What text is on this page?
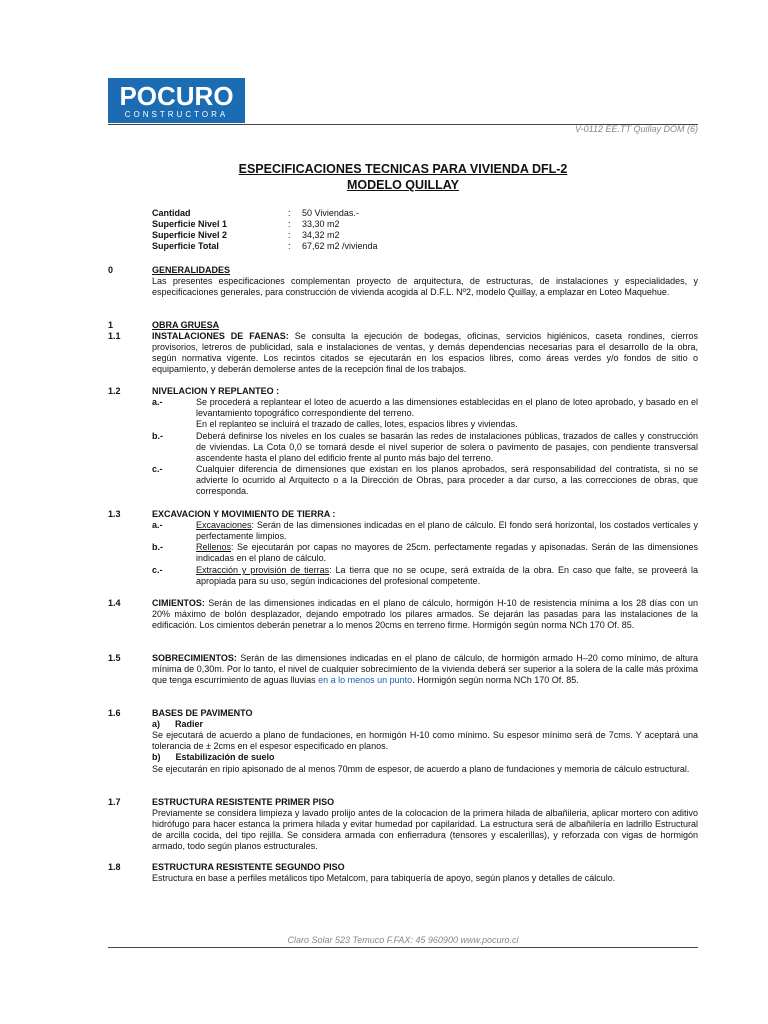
POCURO
CONSTRUCTORA
V-0112 EE.TT Quillay DOM (6)
ESPECIFICACIONES TECNICAS PARA VIVIENDA DFL-2
MODELO QUILLAY
Cantidad	: 50 Viviendas.-
Superficie Nivel 1	: 33,30 m2
Superficie Nivel 2	: 34,32 m2
Superficie Total	: 67,62 m2 /vivienda
0	GENERALIDADES
Las presentes especificaciones complementan proyecto de arquitectura, de estructuras, de instalaciones y especialidades, y especificaciones generales, para construcción de vivienda acogida al D.F.L. Nº2, modelo Quillay, a emplazar en Loteo Maquehue.
1	OBRA GRUESA
1.1	INSTALACIONES DE FAENAS: Se consulta la ejecución de bodegas, oficinas, servicios higiénicos, caseta rondines, cierros provisorios, letreros de publicidad, sala e instalaciones de ventas, y demás dependencias necesarias para el desarrollo de la obra, según normativa vigente. Los recintos citados se ejecutarán en los espacios libres, como áreas verdes y/o fondos de sitio o equipamiento, y deberán demolerse antes de la recepción final de los trabajos.
1.2	NIVELACION Y REPLANTEO :
a.-	Se procederá a replantear el loteo de acuerdo a las dimensiones establecidas en el plano de loteo aprobado, y basado en el levantamiento topográfico correspondiente del terreno.
En el replanteo se incluirá el trazado de calles, lotes, espacios libres y viviendas.
b.-	Deberá definirse los niveles en los cuales se basarán las redes de instalaciones públicas, trazados de calles y construcción de viviendas. La Cota 0,0 se tomará desde el nivel superior de solera o pavimento de pasajes, con pendiente transversal ascendente hasta el plano del edificio frente al punto más bajo del terreno.
c.-	Cualquier diferencia de dimensiones que existan en los planos aprobados, será responsabilidad del contratista, si no se advierte lo ocurrido al Arquitecto o a la Dirección de Obras, para proceder a dar curso, a las correcciones de obras, que corresponda.
1.3	EXCAVACION Y MOVIMIENTO DE TIERRA :
a.-	Excavaciones: Serán de las dimensiones indicadas en el plano de cálculo. El fondo será horizontal, los costados verticales y perfectamente limpios.
b.-	Rellenos: Se ejecutarán por capas no mayores de 25cm. perfectamente regadas y apisonadas. Serán de las dimensiones indicadas en el plano de cálculo.
c.-	Extracción y provisión de tierras: La tierra que no se ocupe, será extraída de la obra. En caso que falte, se proveerá la apropiada para su uso, según indicaciones del profesional competente.
1.4	CIMIENTOS: Serán de las dimensiones indicadas en el plano de cálculo, hormigón H-10 de resistencia mínima a los 28 días con un 20% máximo de bolón desplazador, dejando empotrado los pilares armados. Se dejarán las pasadas para las instalaciones de la edificación. Los cimientos deberán penetrar a lo menos 20cms en terreno firme. Hormigón según norma NCh 170 Of. 85.
1.5	SOBRECIMIENTOS: Serán de las dimensiones indicadas en el plano de cálculo, de hormigón armado H–20 como mínimo, de altura mínima de 0,30m. Por lo tanto, el nivel de cualquier sobrecimiento de la vivienda deberá ser superior a la solera de la calle más próxima que tenga escurrimiento de aguas lluvias en a lo menos un punto. Hormigón según norma NCh 170 Of. 85.
1.6	BASES DE PAVIMENTO
a)      Radier
Se ejecutará de acuerdo a plano de fundaciones, en hormigón H-10 como mínimo. Su espesor mínimo será de 7cms. Y aceptará una tolerancia de ± 2cms en el espesor especificado en planos.
b)      Estabilización de suelo
Se ejecutarán en ripio apisonado de al menos 70mm de espesor, de acuerdo a plano de fundaciones y memoria de cálculo estructural.
1.7	ESTRUCTURA RESISTENTE PRIMER PISO
Previamente se considera limpieza y lavado prolijo antes de la colocacion de la primera hilada de albañileria, aplicar mortero con aditivo hidrófugo para hacer estanca la primera hilada y evitar humedad por capilaridad. La estructura será de albañilería en ladrillo Estructural de arcilla cocida, del tipo rejilla. Se considera armada con enfierradura (tensores y escalerillas), y reforzada con vigas de hormigón armado, todo según planos estructurales.
1.8	ESTRUCTURA RESISTENTE SEGUNDO PISO
Estructura en base a perfiles metálicos tipo Metalcom, para tabiquería de apoyo, según planos y detalles de cálculo.
Claro Solar 523 Temuco F.FAX: 45 960900 www.pocuro.cl
